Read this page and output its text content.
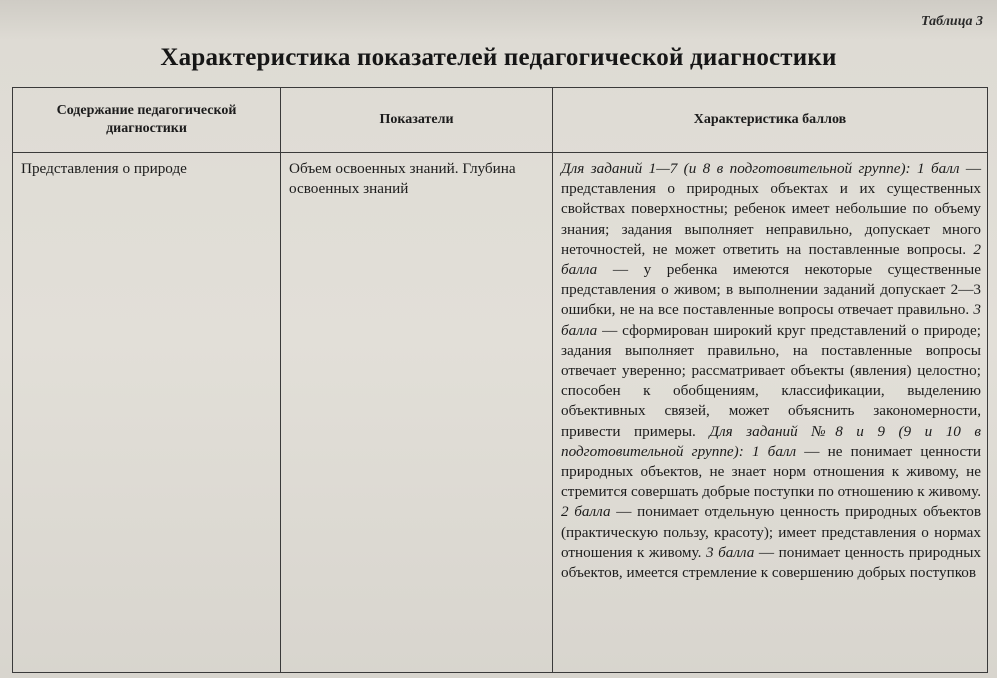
Таблица 3
Характеристика показателей педагогической диагностики
Содержание педагогической диагностики	Показатели	Характеристика баллов
Представления о природе	Объем освоенных знаний. Глубина освоенных знаний	Для заданий 1—7 (и 8 в подготовительной группе): 1 балл — представления о природных объектах и их существенных свойствах поверхностны; ребенок имеет небольшие по объему знания; задания выполняет неправильно, допускает много неточностей, не может ответить на поставленные вопросы. 2 балла — у ребенка имеются некоторые существенные представления о живом; в выполнении заданий допускает 2—3 ошибки, не на все поставленные вопросы отвечает правильно. 3 балла — сформирован широкий круг представлений о природе; задания выполняет правильно, на поставленные вопросы отвечает уверенно; рассматривает объекты (явления) целостно; способен к обобщениям, классификации, выделению объективных связей, может объяснить закономерности, привести примеры. Для заданий №8 и 9 (9 и 10 в подготовительной группе): 1 балл — не понимает ценности природных объектов, не знает норм отношения к живому, не стремится совершать добрые поступки по отношению к живому. 2 балла — понимает отдельную ценность природных объектов (практическую пользу, красоту); имеет представления о нормах отношения к живому. 3 балла — понимает ценность природных объектов, имеется стремление к совершению добрых поступков
